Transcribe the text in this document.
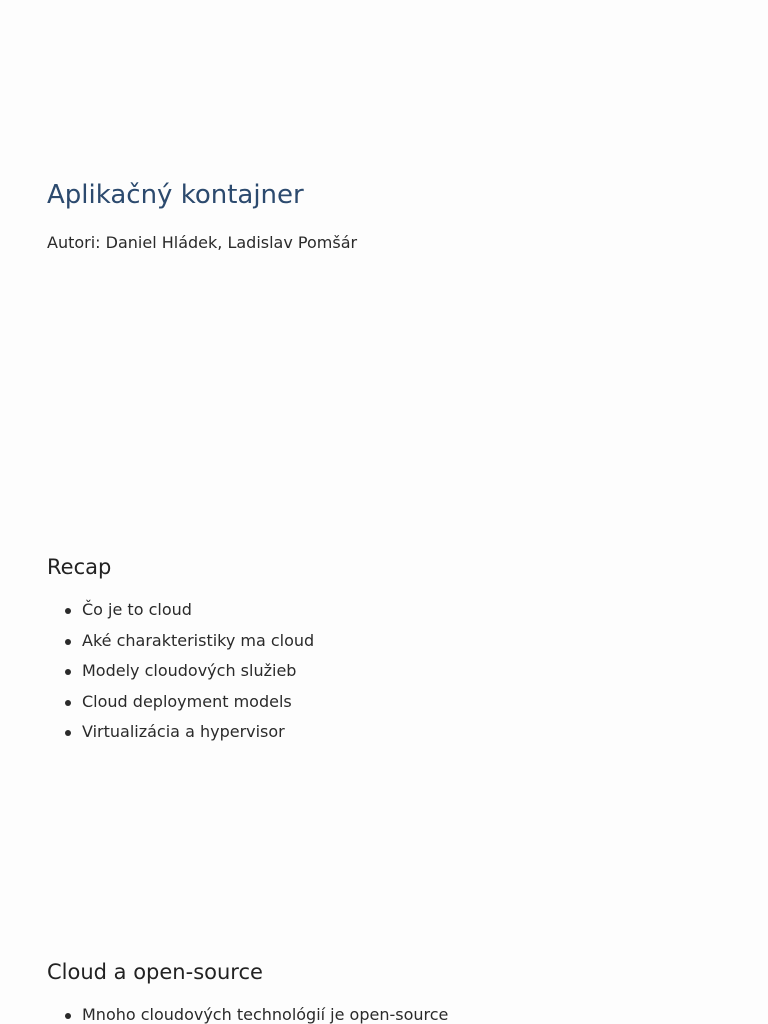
Aplikačný kontajner

Autori: Daniel Hládek, Ladislav Pomšár

Recap
Čo je to cloud
Aké charakteristiky ma cloud
Modely cloudových služieb
Cloud deployment models
Virtualizácia a hypervisor
Cloud a open-source
Mnoho cloudových technológií je open-source
